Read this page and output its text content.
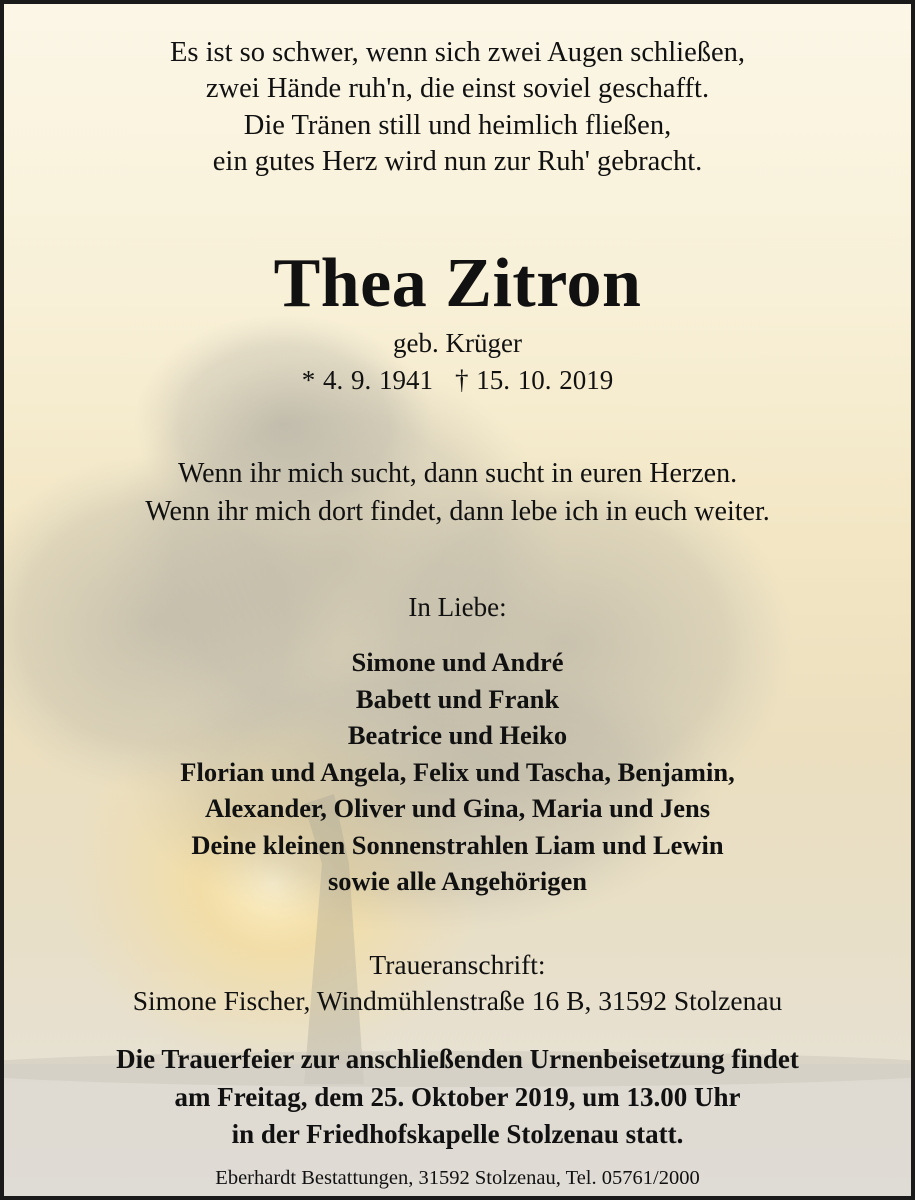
Es ist so schwer, wenn sich zwei Augen schließen,

zwei Hände ruh'n, die einst soviel geschafft.

Die Tränen still und heimlich fließen,

ein gutes Herz wird nun zur Ruh' gebracht.

Thea Zitron

geb. Krüger

* 4. 9. 1941 † 15. 10. 2019

Wenn ihr mich sucht, dann sucht in euren Herzen.

Wenn ihr mich dort findet, dann lebe ich in euch weiter.

In Liebe:

Simone und André

Babett und Frank

Beatrice und Heiko

Florian und Angela, Felix und Tascha, Benjamin,

Alexander, Oliver und Gina, Maria und Jens

Deine kleinen Sonnenstrahlen Liam und Lewin

sowie alle Angehörigen

Traueranschrift:

Simone Fischer, Windmühlenstraße 16 B, 31592 Stolzenau

Die Trauerfeier zur anschließenden Urnenbeisetzung findet

am Freitag, dem 25. Oktober 2019, um 13.00 Uhr

in der Friedhofskapelle Stolzenau statt.

Eberhardt Bestattungen, 31592 Stolzenau, Tel. 05761/2000
